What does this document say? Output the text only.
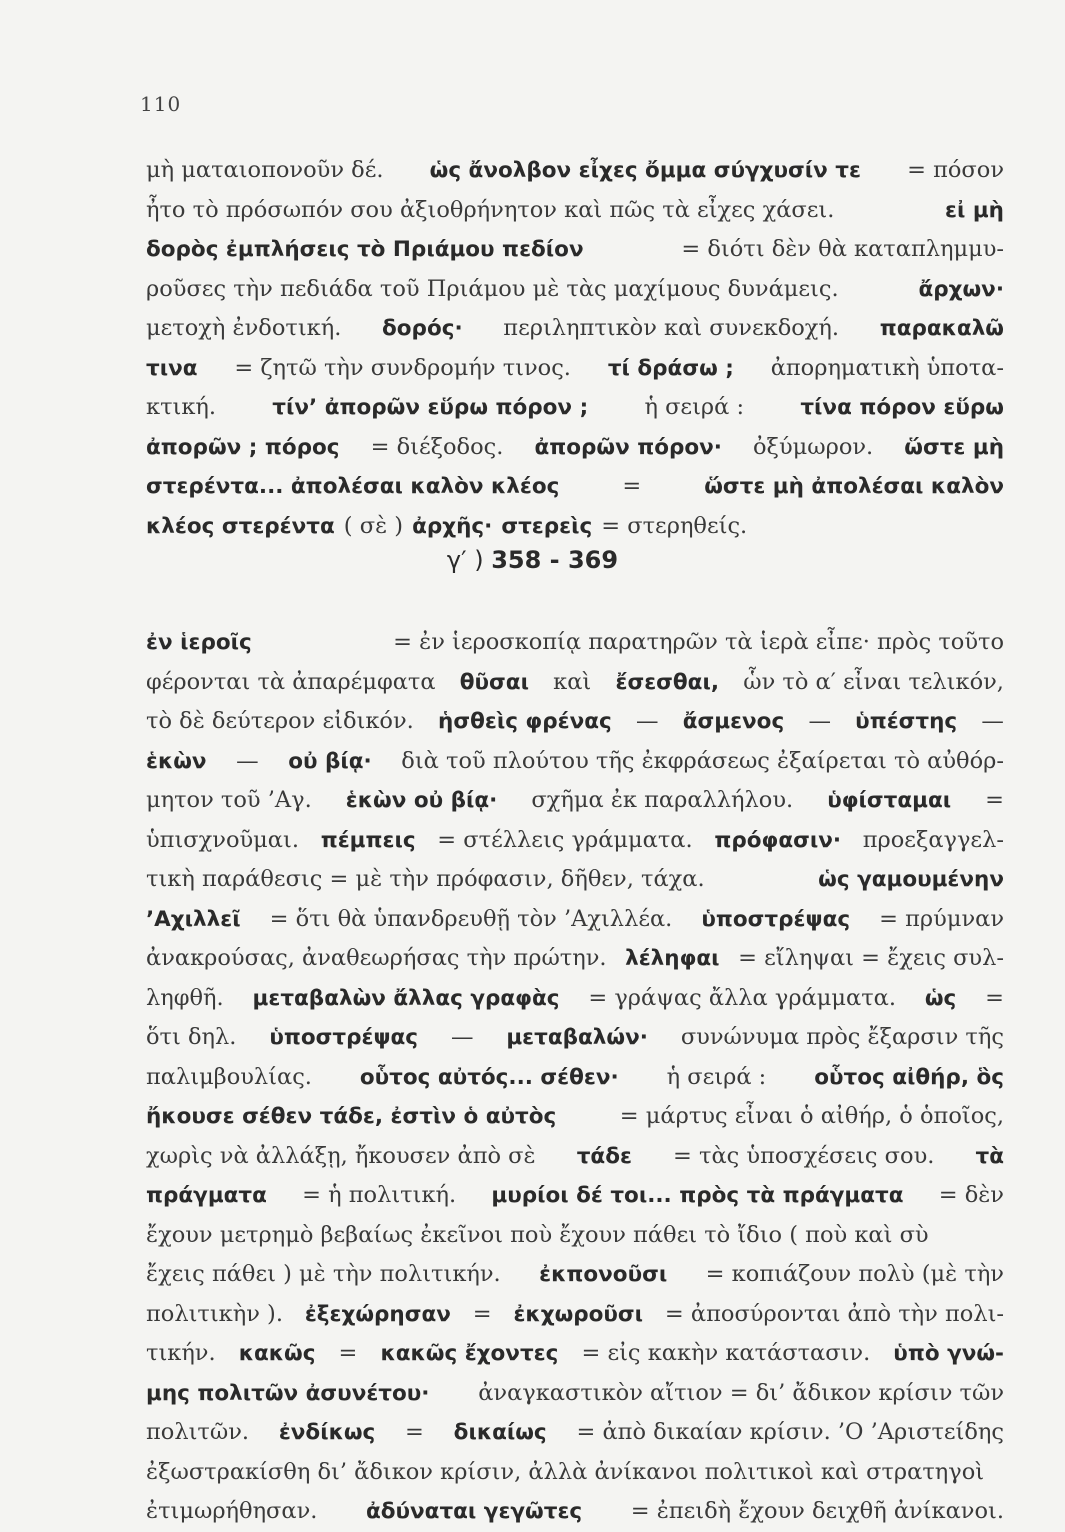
110
μὴ ματαιοπονοῦν δέ. ὡς ἄνολβον εἶχες ὄμμα σύγχυσίν τε = πόσον
ἦτο τὸ πρόσωπόν σου ἀξιοθρήνητον καὶ πῶς τὰ εἶχες χάσει.	εἰ μὴ
δορὸς ἐμπλήσεις τὸ Πριάμου πεδίον	= διότι δὲν θὰ καταπλημμυ-
ροῦσες τὴν πεδιάδα τοῦ Πριάμου μὲ τὰς μαχίμους δυνάμεις.	ἄρχων·
μετοχὴ ἐνδοτική. δορός· περιληπτικὸν καὶ συνεκδοχή. παρακαλῶ
τινα = ζητῶ τὴν συνδρομήν τινος. τί δράσω ; ἀπορηματικὴ ὑποτα-
κτική.	τίν’ ἀπορῶν εὕρω πόρον ;	ἡ σειρά :	τίνα πόρον εὕρω
ἀπορῶν ; πόρος = διέξοδος. ἀπορῶν πόρον· ὀξύμωρον. ὥστε μὴ
στερέντα... ἀπολέσαι καλὸν κλέος	=	ὥστε μὴ ἀπολέσαι καλὸν
κλέος στερέντα ( σὲ ) ἀρχῆς· στερεὶς = στερηθείς.
γ′ ) 358 - 369
ἐν ἱεροῖς	= ἐν ἱεροσκοπίᾳ παρατηρῶν τὰ ἱερὰ εἶπε· πρὸς τοῦτο
φέρονται τὰ ἀπαρέμφατα θῦσαι καὶ ἔσεσθαι, ὧν τὸ α′ εἶναι τελικόν,
τὸ δὲ δεύτερον εἰδικόν. ἡσθεὶς φρένας — ἄσμενος — ὑπέστης —
ἑκὼν — οὐ βίᾳ· διὰ τοῦ πλούτου τῆς ἐκφράσεως ἐξαίρεται τὸ αὐθόρ-
μητον τοῦ ’Αγ. ἑκὼν οὐ βίᾳ· σχῆμα ἐκ παραλλήλου. ὑφίσταμαι =
ὑπισχνοῦμαι. πέμπεις = στέλλεις γράμματα. πρόφασιν· προεξαγγελ-
τικὴ παράθεσις = μὲ τὴν πρόφασιν, δῆθεν, τάχα.	ὡς γαμουμένην
’Αχιλλεῖ = ὅτι θὰ ὑπανδρευθῇ τὸν ’Αχιλλέα. ὑποστρέψας = πρύμναν
ἀνακρούσας, ἀναθεωρήσας τὴν πρώτην. λέληφαι = εἴληψαι = ἔχεις συλ-
ληφθῆ. μεταβαλὼν ἄλλας γραφὰς = γράψας ἄλλα γράμματα. ὡς =
ὅτι δηλ. ὑποστρέψας — μεταβαλών· συνώνυμα πρὸς ἔξαρσιν τῆς
παλιμβουλίας. οὗτος αὐτός... σέθεν· ἡ σειρά : οὗτος αἰθήρ, ὃς
ἤκουσε σέθεν τάδε, ἐστὶν ὁ αὐτὸς	= μάρτυς εἶναι ὁ αἰθήρ, ὁ ὁποῖος,
χωρὶς νὰ ἀλλάξῃ, ἤκουσεν ἀπὸ σὲ τάδε = τὰς ὑποσχέσεις σου. τὰ
πράγματα = ἡ πολιτική. μυρίοι δέ τοι... πρὸς τὰ πράγματα = δὲν
ἔχουν μετρημὸ βεβαίως ἐκεῖνοι ποὺ ἔχουν πάθει τὸ ἴδιο ( ποὺ καὶ σὺ
ἔχεις πάθει ) μὲ τὴν πολιτικήν. ἐκπονοῦσι = κοπιάζουν πολὺ (μὲ τὴν
πολιτικὴν ). ἐξεχώρησαν = ἐκχωροῦσι = ἀποσύρονται ἀπὸ τὴν πολι-
τικήν. κακῶς = κακῶς ἔχοντες = εἰς κακὴν κατάστασιν. ὑπὸ γνώ-
μης πολιτῶν ἀσυνέτου· ἀναγκαστικὸν αἴτιον = δι’ ἄδικον κρίσιν τῶν
πολιτῶν. ἐνδίκως = δικαίως = ἀπὸ δικαίαν κρίσιν. ’Ο ’Αριστείδης
ἐξωστρακίσθη δι’ ἄδικον κρίσιν, ἀλλὰ ἀνίκανοι πολιτικοὶ καὶ στρατηγοὶ
ἐτιμωρήθησαν. ἀδύναται γεγῶτες = ἐπειδὴ ἔχουν δειχθῆ ἀνίκανοι.
